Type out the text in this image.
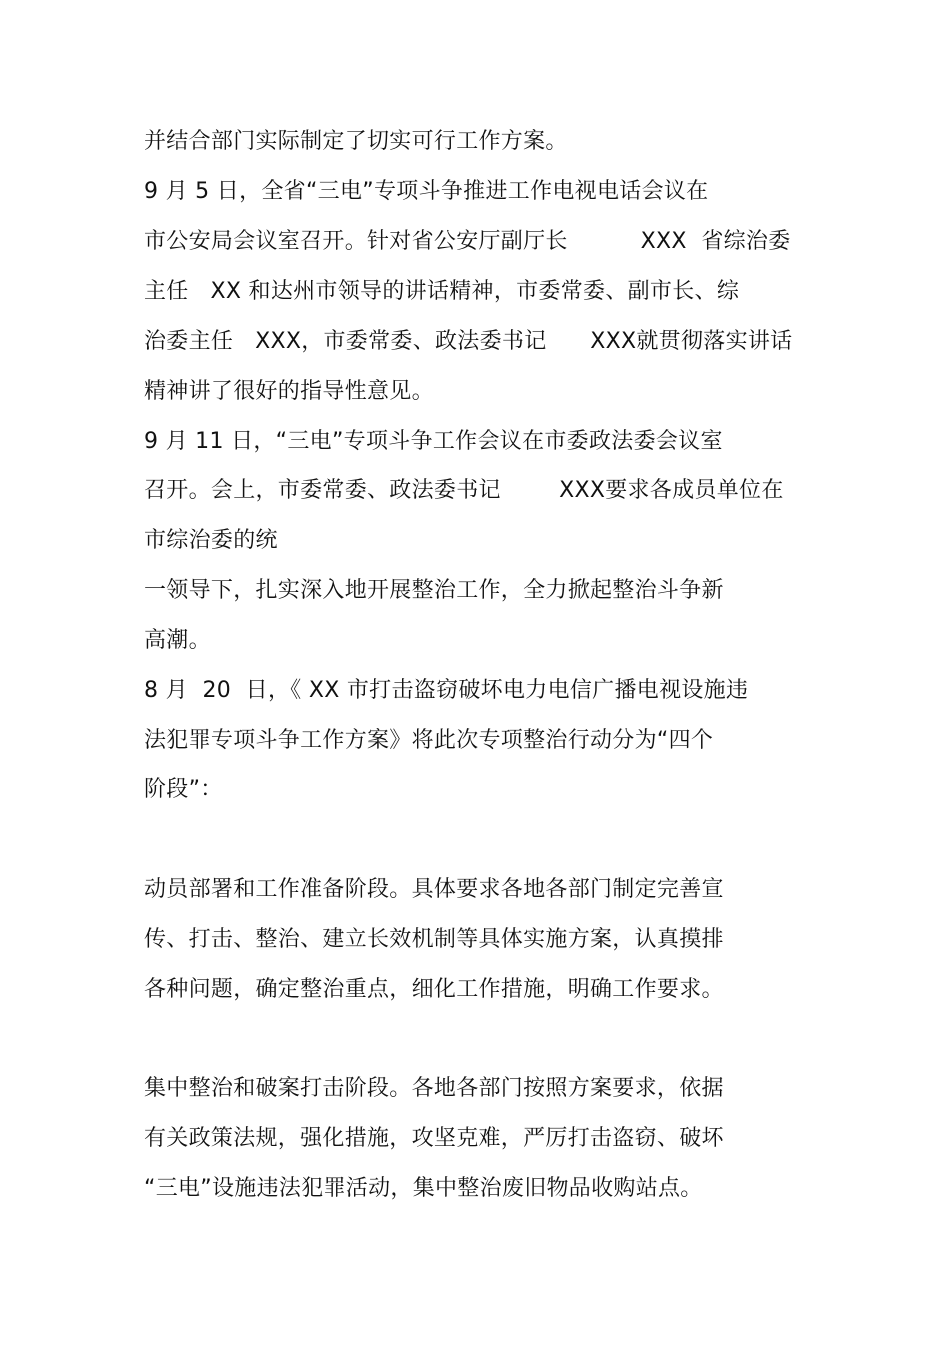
并结合部门实际制定了切实可行工作方案。
9 月 5 日，全省“三电”专项斗争推进工作电视电话会议在
市公安局会议室召开。针对省公安厅副厅长          XXX  省综治委
主任   XX 和达州市领导的讲话精神，市委常委、副市长、综
治委主任   XXX，市委常委、政法委书记      XXX就贯彻落实讲话
精神讲了很好的指导性意见。
9 月 11 日，“三电”专项斗争工作会议在市委政法委会议室
召开。会上，市委常委、政法委书记        XXX要求各成员单位在
市综治委的统
一领导下，扎实深入地开展整治工作，全力掀起整治斗争新
高潮。
8 月  20  日，《 XX 市打击盗窃破坏电力电信广播电视设施违
法犯罪专项斗争工作方案》将此次专项整治行动分为“四个
阶段”：
动员部署和工作准备阶段。具体要求各地各部门制定完善宣
传、打击、整治、建立长效机制等具体实施方案，认真摸排
各种问题，确定整治重点，细化工作措施，明确工作要求。
集中整治和破案打击阶段。各地各部门按照方案要求，依据
有关政策法规，强化措施，攻坚克难，严厉打击盗窃、破坏
“三电”设施违法犯罪活动，集中整治废旧物品收购站点。
